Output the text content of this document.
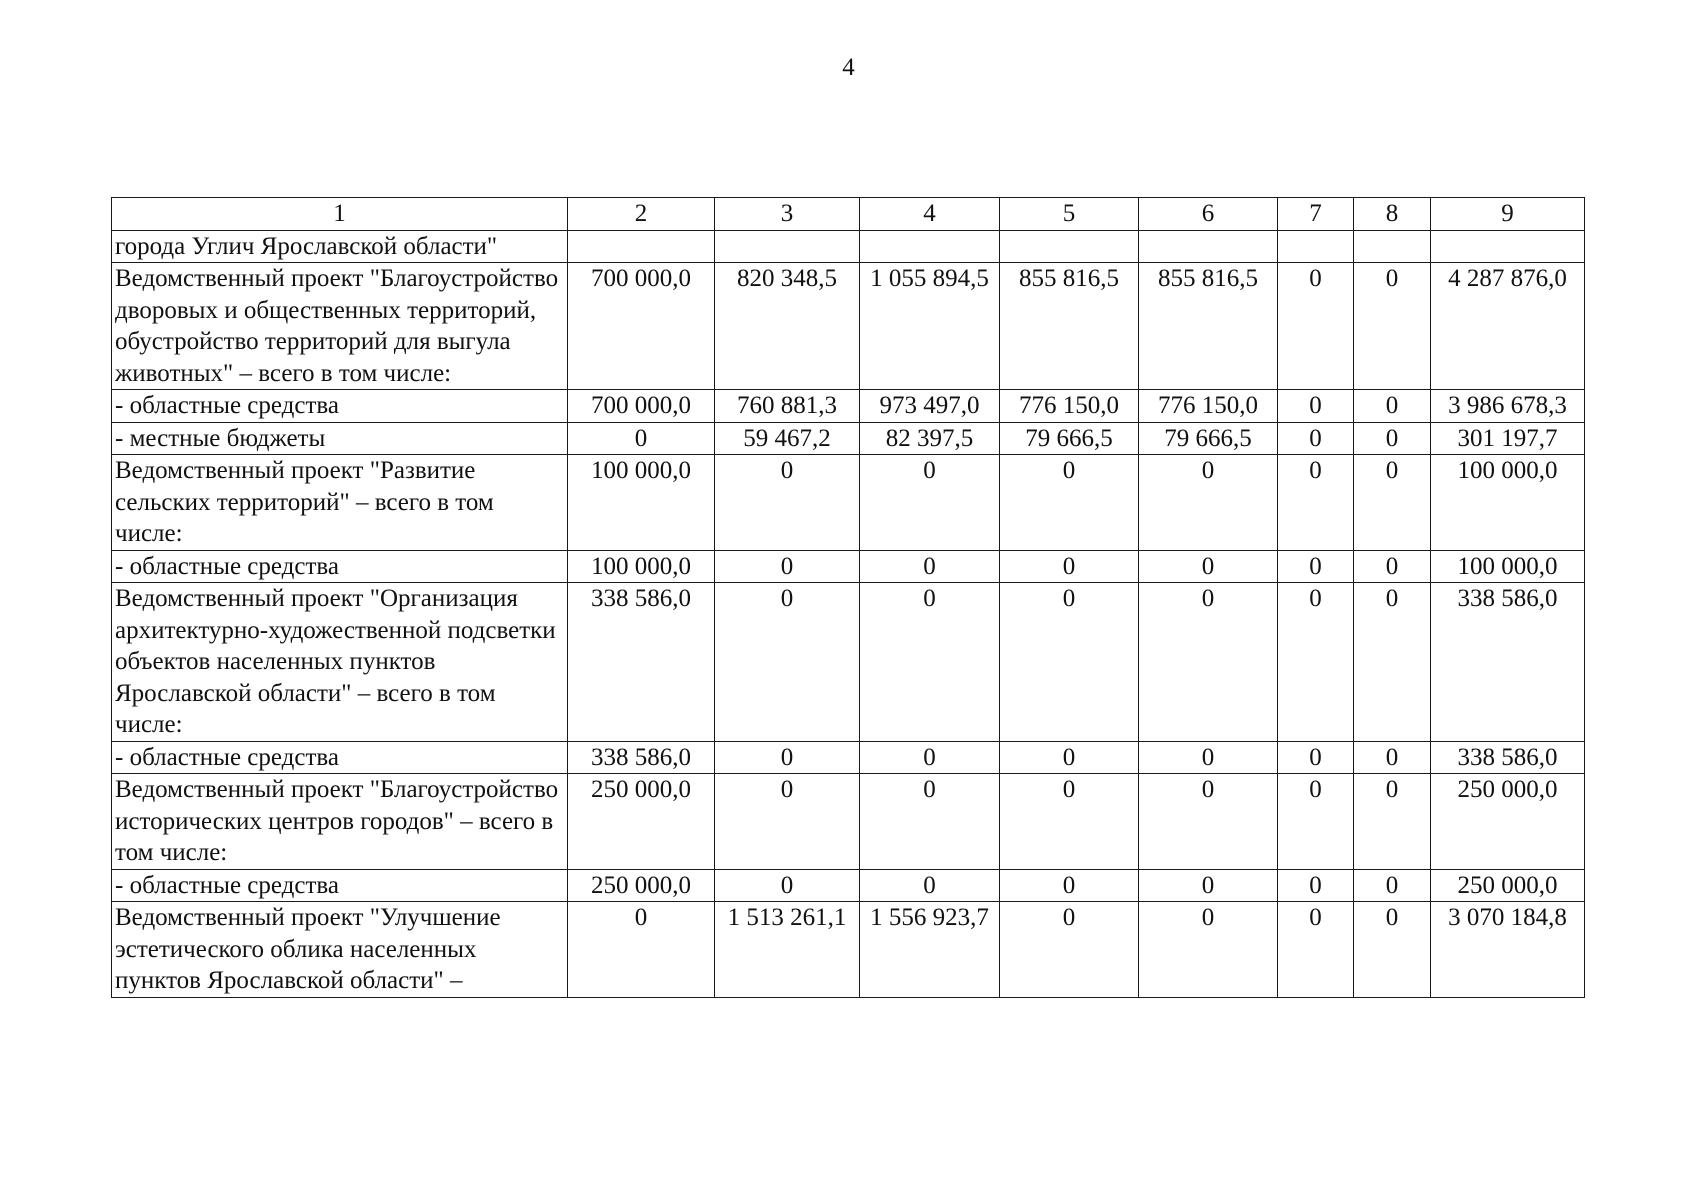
4
1	2	3	4	5	6	7	8	9
города Углич Ярославской области"								
Ведомственный проект "Благоустройство дворовых и общественных территорий, обустройство территорий для выгула животных" – всего в том числе:	700 000,0	820 348,5	1 055 894,5	855 816,5	855 816,5	0	0	4 287 876,0
- областные средства	700 000,0	760 881,3	973 497,0	776 150,0	776 150,0	0	0	3 986 678,3
- местные бюджеты	0	59 467,2	82 397,5	79 666,5	79 666,5	0	0	301 197,7
Ведомственный проект "Развитие сельских территорий" – всего в том числе:	100 000,0	0	0	0	0	0	0	100 000,0
- областные средства	100 000,0	0	0	0	0	0	0	100 000,0
Ведомственный проект "Организация архитектурно-художественной подсветки объектов населенных пунктов Ярославской области" – всего в том числе:	338 586,0	0	0	0	0	0	0	338 586,0
- областные средства	338 586,0	0	0	0	0	0	0	338 586,0
Ведомственный проект "Благоустройство исторических центров городов" – всего в том числе:	250 000,0	0	0	0	0	0	0	250 000,0
- областные средства	250 000,0	0	0	0	0	0	0	250 000,0
Ведомственный проект "Улучшение эстетического облика населенных пунктов Ярославской области" –	0	1 513 261,1	1 556 923,7	0	0	0	0	3 070 184,8
